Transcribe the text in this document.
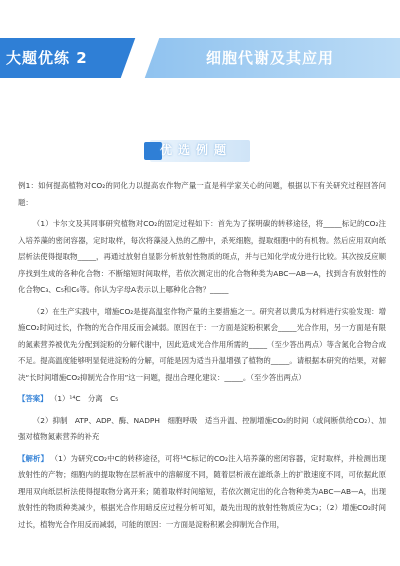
大题优练 2	细胞代谢及其应用
优选例题

例1：如何提高植物对CO₂的同化力以提高农作物产量一直是科学家关心的问题，根据以下有关研究过程回答问题：

（1）卡尔文及其同事研究植物对CO₂的固定过程如下：首先为了探明碳的转移途径，将_____标记的CO₂注入培养藻的密闭容器，定时取样，每次将藻浸入热的乙醇中，杀死细胞，提取细胞中的有机物。然后应用双向纸层析法使得提取物_____，再通过放射自显影分析放射性物质的斑点，并与已知化学成分进行比较。其次按反应顺序找到生成的各种化合物：不断缩短时间取样，若依次测定出的化合物种类为ABC—AB—A，找到含有放射性的化合物C₃、C₅和C₆等。你认为字母A表示以上哪种化合物？_____

（2）在生产实践中，增施CO₂是提高温室作物产量的主要措施之一。研究者以黄瓜为材料进行实验发现：增施CO₂时间过长，作物的光合作用反而会减弱。原因在于：一方面是淀粉积累会_____光合作用，另一方面是有限的氮素营养被优先分配到淀粉的分解代谢中，因此造成光合作用所需的_____（至少答出两点）等含氮化合物合成不足。提高温度能够明显促进淀粉的分解，可能是因为适当升温增强了植物的_____。请根据本研究的结果，对解决“长时间增施CO₂抑制光合作用”这一问题，提出合理化建议：_____。（至少答出两点）

【答案】 （1）¹⁴C　分离　C₅

（2）抑制　ATP、ADP、酶、NADPH　细胞呼吸　适当升温、控制增施CO₂的时间（或间断供给CO₂）、加强对植物氮素营养的补充

【解析】 （1）为研究CO₂中C的转移途径，可将¹⁴C标记的CO₂注入培养藻的密闭容器，定时取样，并检测出现放射性的产物；细胞内的提取物在层析液中的溶解度不同，随着层析液在滤纸条上的扩散速度不同，可依据此原理用双向纸层析法使得提取物分离开来；随着取样时间缩短，若依次测定出的化合物种类为ABC—AB—A，出现放射性的物质种类减少，根据光合作用暗反应过程分析可知，最先出现的放射性物质应为C₃；（2）增施CO₂时间过长，植物光合作用反而减弱，可能的原因：一方面是淀粉积累会抑制光合作用，
